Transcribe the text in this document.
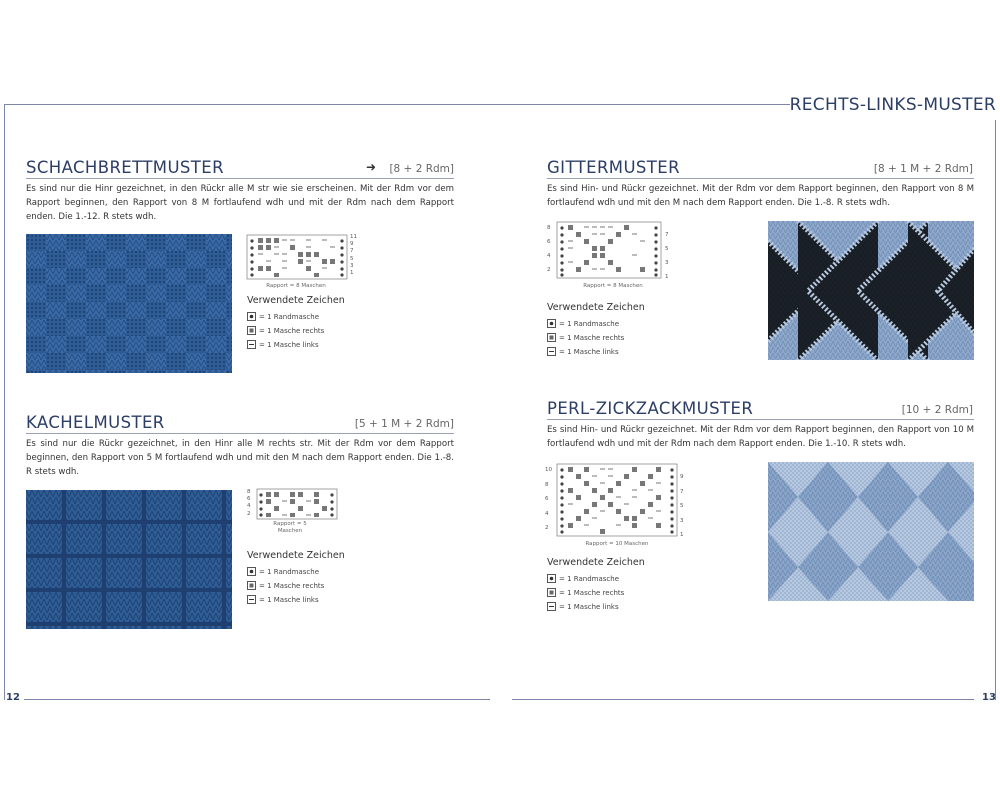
RECHTS-LINKS-MUSTER
12	13
SCHACHBRETTMUSTER	➜	[8 + 2 Rdm]
Es sind nur die Hinr gezeichnet, in den Rückr alle M str wie sie erscheinen. Mit der Rdm vor dem Rapport beginnen, den Rapport von 8 M fortlaufend wdh und mit der Rdm nach dem Rapport enden. Die 1.-12. R stets wdh.
11
9
7
5
3
1
Rapport = 8 Maschen
Verwendete Zeichen
= 1 Randmasche
= 1 Masche rechts
= 1 Masche links
KACHELMUSTER	[5 + 1 M + 2 Rdm]
Es sind nur die Rückr gezeichnet, in den Hinr alle M rechts str. Mit der Rdm vor dem Rapport beginnen, den Rapport von 5 M fortlaufend wdh und mit den M nach dem Rapport enden. Die 1.-8. R stets wdh.
8
6
4
2
Rapport = 5 Maschen
Verwendete Zeichen
= 1 Randmasche
= 1 Masche rechts
= 1 Masche links
GITTERMUSTER	[8 + 1 M + 2 Rdm]
Es sind Hin- und Rückr gezeichnet. Mit der Rdm vor dem Rapport beginnen, den Rapport von 8 M fortlaufend wdh und mit den M nach dem Rapport enden. Die 1.-8. R stets wdh.
8
6
4
2
7
5
3
1
Rapport = 8 Maschen
Verwendete Zeichen
= 1 Randmasche
= 1 Masche rechts
= 1 Masche links
PERL-ZICKZACKMUSTER	[10 + 2 Rdm]
Es sind Hin- und Rückr gezeichnet. Mit der Rdm vor dem Rapport beginnen, den Rapport von 10 M fortlaufend wdh und mit der Rdm nach dem Rapport enden. Die 1.-10. R stets wdh.
10
8
6
4
2
9
7
5
3
1
Rapport = 10 Maschen
Verwendete Zeichen
= 1 Randmasche
= 1 Masche rechts
= 1 Masche links
